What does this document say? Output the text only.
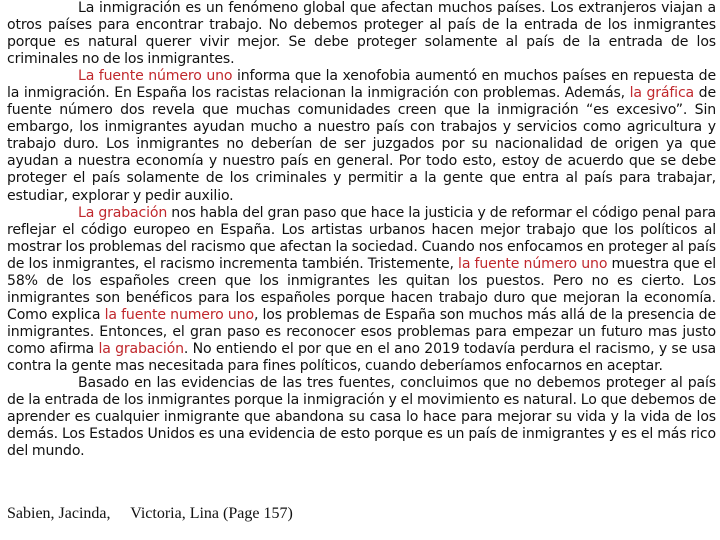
La inmigración es un fenómeno global que afectan muchos países. Los extranjeros viajan a otros países para encontrar trabajo. No debemos proteger al país de la entrada de los inmigrantes porque es natural querer vivir mejor. Se debe proteger solamente al país de la entrada de los criminales no de los inmigrantes.

La fuente número uno informa que la xenofobia aumentó en muchos países en repuesta de la inmigración. En España los racistas relacionan la inmigración con problemas. Además, la gráfica de fuente número dos revela que muchas comunidades creen que la inmigración “es excesivo”. Sin embargo, los inmigrantes ayudan mucho a nuestro país con trabajos y servicios como agricultura y trabajo duro. Los inmigrantes no deberían de ser juzgados por su nacionalidad de origen ya que ayudan a nuestra economía y nuestro país en general. Por todo esto, estoy de acuerdo que se debe proteger el país solamente de los criminales y permitir a la gente que entra al país para trabajar, estudiar, explorar y pedir auxilio.

La grabación nos habla del gran paso que hace la justicia y de reformar el código penal para reflejar el código europeo en España. Los artistas urbanos hacen mejor trabajo que los políticos al mostrar los problemas del racismo que afectan la sociedad. Cuando nos enfocamos en proteger al país de los inmigrantes, el racismo incrementa también. Tristemente, la fuente número uno muestra que el 58% de los españoles creen que los inmigrantes les quitan los puestos. Pero no es cierto. Los inmigrantes son benéficos para los españoles porque hacen trabajo duro que mejoran la economía. Como explica la fuente numero uno, los problemas de España son muchos más allá de la presencia de inmigrantes. Entonces, el gran paso es reconocer esos problemas para empezar un futuro mas justo como afirma la grabación. No entiendo el por que en el ano 2019 todavía perdura el racismo, y se usa contra la gente mas necesitada para fines políticos, cuando deberíamos enfocarnos en aceptar.

Basado en las evidencias de las tres fuentes, concluimos que no debemos proteger al país de la entrada de los inmigrantes porque la inmigración y el movimiento es natural. Lo que debemos de aprender es cualquier inmigrante que abandona su casa lo hace para mejorar su vida y la vida de los demás. Los Estados Unidos es una evidencia de esto porque es un país de inmigrantes y es el más rico del mundo.

Sabien, Jacinda, Victoria, Lina (Page 157)
